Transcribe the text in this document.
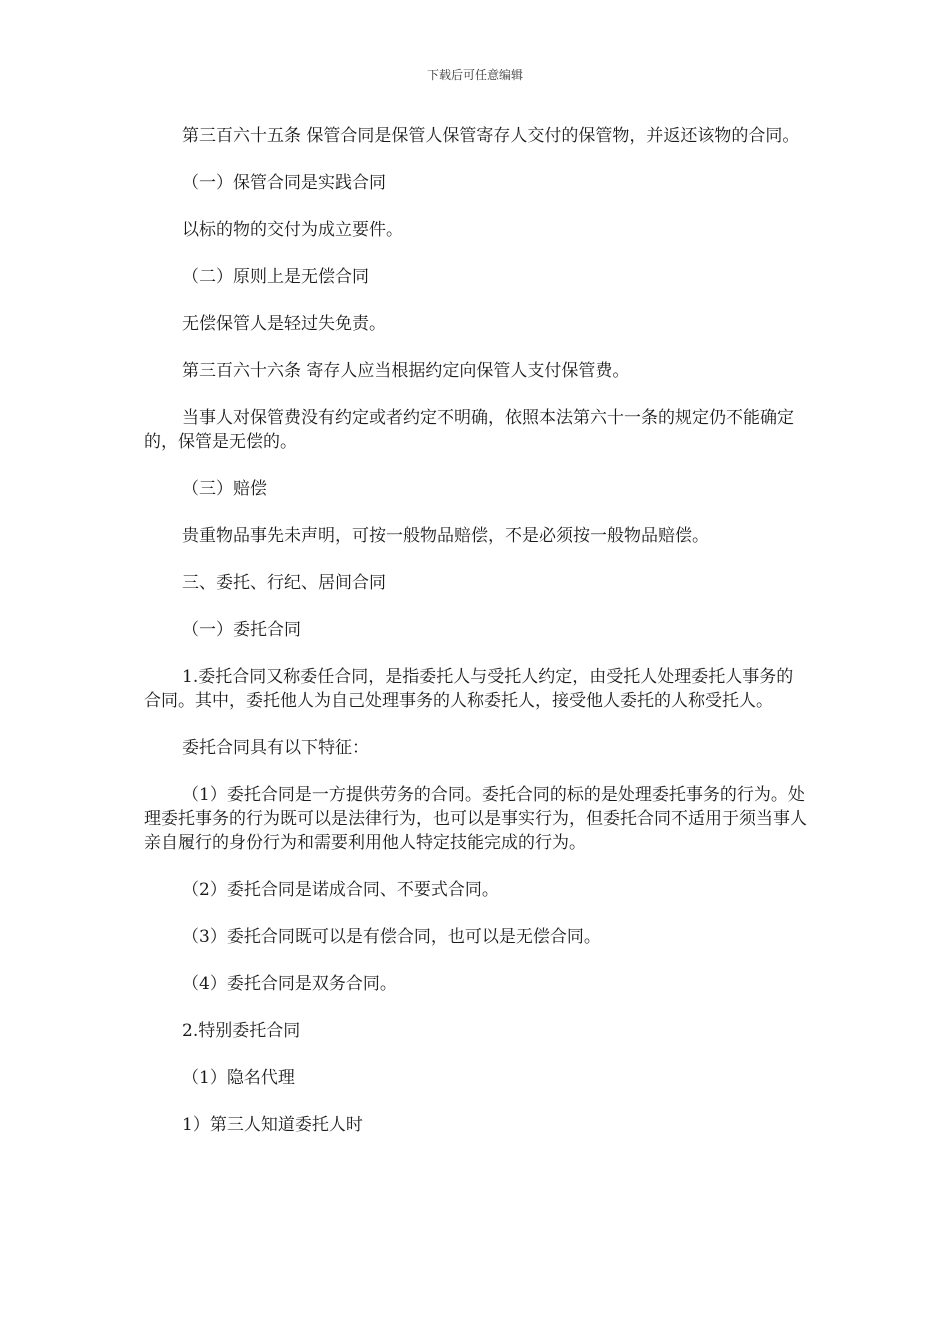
下载后可任意编辑

第三百六十五条 保管合同是保管人保管寄存人交付的保管物，并返还该物的合同。

（一）保管合同是实践合同

以标的物的交付为成立要件。

（二）原则上是无偿合同

无偿保管人是轻过失免责。

第三百六十六条 寄存人应当根据约定向保管人支付保管费。

当事人对保管费没有约定或者约定不明确，依照本法第六十一条的规定仍不能确定的，保管是无偿的。

（三）赔偿

贵重物品事先未声明，可按一般物品赔偿，不是必须按一般物品赔偿。

三、委托、行纪、居间合同

（一）委托合同

1.委托合同又称委任合同，是指委托人与受托人约定，由受托人处理委托人事务的合同。其中，委托他人为自己处理事务的人称委托人，接受他人委托的人称受托人。

委托合同具有以下特征：

（1）委托合同是一方提供劳务的合同。委托合同的标的是处理委托事务的行为。处理委托事务的行为既可以是法律行为，也可以是事实行为，但委托合同不适用于须当事人亲自履行的身份行为和需要利用他人特定技能完成的行为。

（2）委托合同是诺成合同、不要式合同。

（3）委托合同既可以是有偿合同，也可以是无偿合同。

（4）委托合同是双务合同。

2.特别委托合同

（1）隐名代理

1）第三人知道委托人时
